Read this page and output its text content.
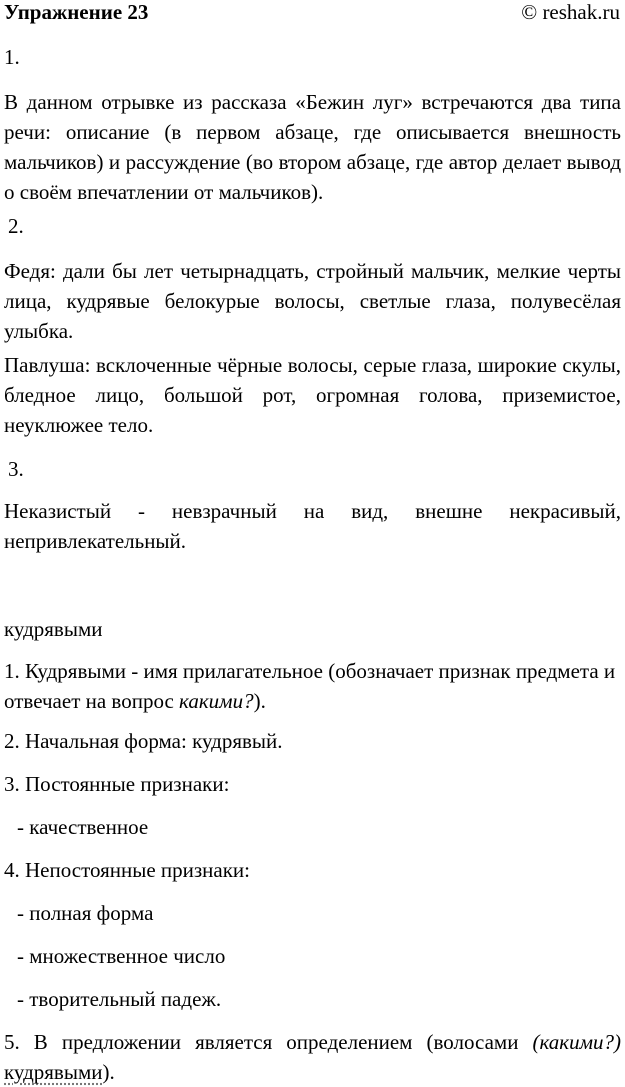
Упражнение 23	© reshak.ru

1.

В данном отрывке из рассказа «Бежин луг» встречаются два типа речи: описание (в первом абзаце, где описывается внешность мальчиков) и рассуждение (во втором абзаце, где автор делает вывод о своём впечатлении от мальчиков).

2.

Федя: дали бы лет четырнадцать, стройный мальчик, мелкие черты лица, кудрявые белокурые волосы, светлые глаза, полувесёлая улыбка.

Павлуша: всклоченные чёрные волосы, серые глаза, широкие скулы, бледное лицо, большой рот, огромная голова, приземистое, неуклюжее тело.

3.

Неказистый - невзрачный на вид, внешне некрасивый,
непривлекательный.

кудрявыми

1. Кудрявыми - имя прилагательное (обозначает признак предмета и отвечает на вопрос какими?).

2. Начальная форма: кудрявый.

3. Постоянные признаки:

- качественное

4. Непостоянные признаки:

- полная форма

- множественное число

- творительный падеж.

5. В предложении является определением (волосами (какими?)
кудрявыми).
